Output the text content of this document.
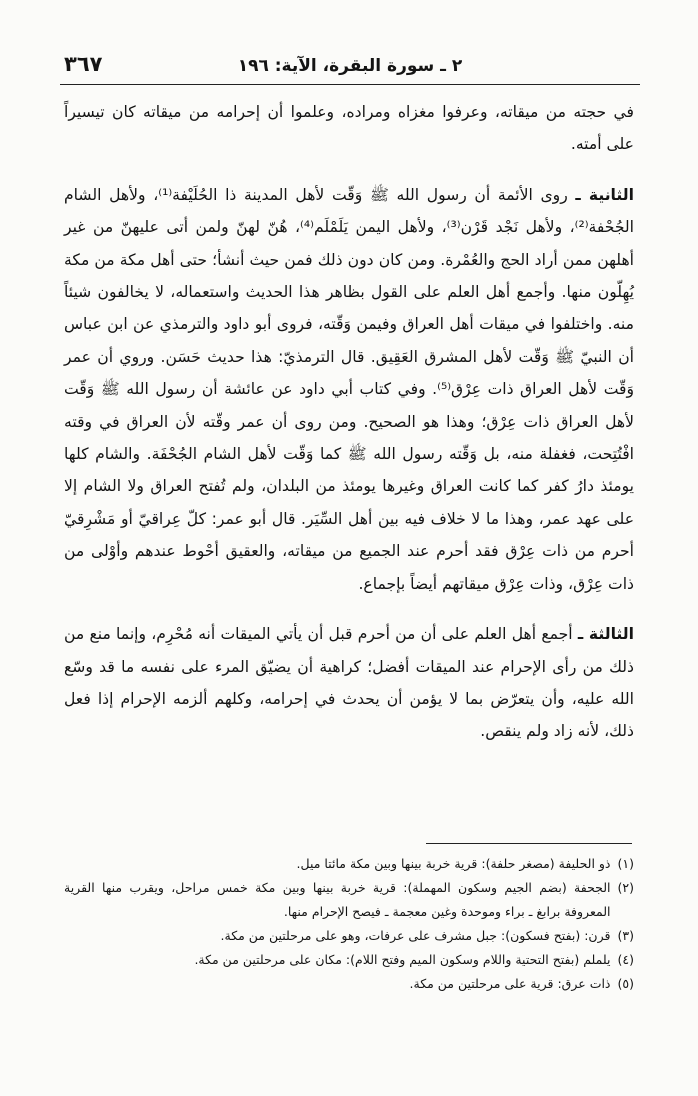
٢ ـ سورة البقرة، الآية: ١٩٦
٣٦٧

في حجته من ميقاته، وعرفوا مغزاه ومراده، وعلموا أن إحرامه من ميقاته كان تيسيراً على أمته.

الثانية ـ روى الأئمة أن رسول الله ﷺ وَقّت لأهل المدينة ذا الحُلَيْفة⁽¹⁾، ولأهل الشام الجُحْفة⁽²⁾، ولأهل نَجْد قَرْن⁽³⁾، ولأهل اليمن يَلَمْلَم⁽⁴⁾، هُنّ لهنّ ولمن أتى عليهنّ من غير أهلهن ممن أراد الحج والعُمْرة. ومن كان دون ذلك فمن حيث أنشأ؛ حتى أهل مكة من مكة يُهِلّون منها. وأجمع أهل العلم على القول بظاهر هذا الحديث واستعماله، لا يخالفون شيئاً منه. واختلفوا في ميقات أهل العراق وفيمن وَقّته، فروى أبو داود والترمذي عن ابن عباس أن النبيّ ﷺ وَقّت لأهل المشرق العَقِيق. قال الترمذيّ: هذا حديث حَسَن. وروي أن عمر وَقّت لأهل العراق ذات عِرْق⁽⁵⁾. وفي كتاب أبي داود عن عائشة أن رسول الله ﷺ وَقّت لأهل العراق ذات عِرْق؛ وهذا هو الصحيح. ومن روى أن عمر وقّته لأن العراق في وقته افْتُتِحت، فغفلة منه، بل وَقّته رسول الله ﷺ كما وَقّت لأهل الشام الجُحْفَة. والشام كلها يومئذ دارُ كفر كما كانت العراق وغيرها يومئذ من البلدان، ولم تُفتح العراق ولا الشام إلا على عهد عمر، وهذا ما لا خلاف فيه بين أهل السِّيَر. قال أبو عمر: كلّ عِراقيّ أو مَشْرِقيّ أحرم من ذات عِرْق فقد أحرم عند الجميع من ميقاته، والعقيق أحْوط عندهم وأوْلى من ذات عِرْق، وذات عِرْق ميقاتهم أيضاً بإجماع.

الثالثة ـ أجمع أهل العلم على أن من أحرم قبل أن يأتي الميقات أنه مُحْرِم، وإنما منع من ذلك من رأى الإحرام عند الميقات أفضل؛ كراهية أن يضيّق المرء على نفسه ما قد وسّع الله عليه، وأن يتعرّض بما لا يؤمن أن يحدث في إحرامه، وكلهم ألزمه الإحرام إذا فعل ذلك، لأنه زاد ولم ينقص.

(١)
ذو الحليفة (مصغر حلفة): قرية خربة بينها وبين مكة مائتا ميل.
(٢)
الجحفة (بضم الجيم وسكون المهملة): قرية خربة بينها وبين مكة خمس مراحل، ويقرب منها القرية المعروفة برابغ ـ براء وموحدة وغين معجمة ـ فيصح الإحرام منها.
(٣)
قرن: (بفتح فسكون): جبل مشرف على عرفات، وهو على مرحلتين من مكة.
(٤)
يلملم (بفتح التحتية واللام وسكون الميم وفتح اللام): مكان على مرحلتين من مكة.
(٥)
ذات عرق: قرية على مرحلتين من مكة.
